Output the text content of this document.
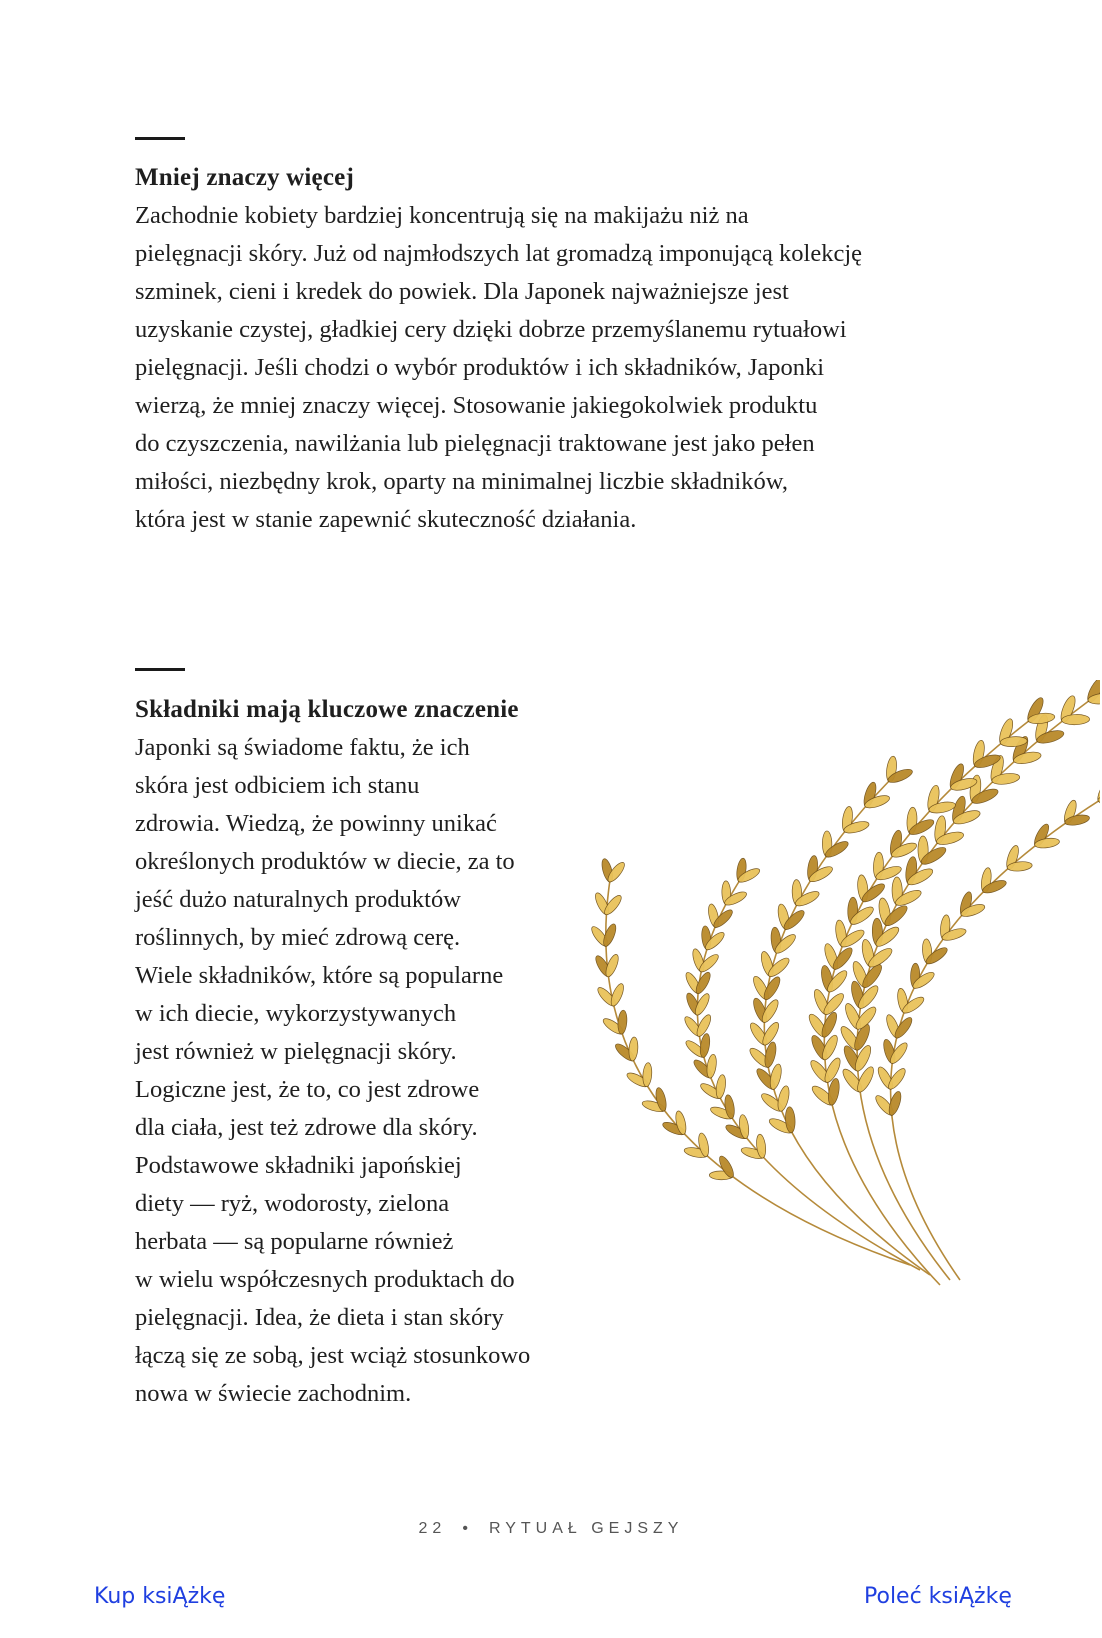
Mniej znaczy więcej
Zachodnie kobiety bardziej koncentrują się na makijażu niż na
pielęgnacji skóry. Już od najmłodszych lat gromadzą imponującą kolekcję
szminek, cieni i kredek do powiek. Dla Japonek najważniejsze jest
uzyskanie czystej, gładkiej cery dzięki dobrze przemyślanemu rytuałowi
pielęgnacji. Jeśli chodzi o wybór produktów i ich składników, Japonki
wierzą, że mniej znaczy więcej. Stosowanie jakiegokolwiek produktu
do czyszczenia, nawilżania lub pielęgnacji traktowane jest jako pełen
miłości, niezbędny krok, oparty na minimalnej liczbie składników,
która jest w stanie zapewnić skuteczność działania.
Składniki mają kluczowe znaczenie
Japonki są świadome faktu, że ich
skóra jest odbiciem ich stanu
zdrowia. Wiedzą, że powinny unikać
określonych produktów w diecie, za to
jeść dużo naturalnych produktów
roślinnych, by mieć zdrową cerę.
Wiele składników, które są popularne
w ich diecie, wykorzystywanych
jest również w pielęgnacji skóry.
Logiczne jest, że to, co jest zdrowe
dla ciała, jest też zdrowe dla skóry.
Podstawowe składniki japońskiej
diety — ryż, wodorosty, zielona
herbata — są popularne również
w wielu współczesnych produktach do
pielęgnacji. Idea, że dieta i stan skóry
łączą się ze sobą, jest wciąż stosunkowo
nowa w świecie zachodnim.
22 • RYTUAŁ GEJSZY
Kup ksiĄżkę	Poleć ksiĄżkę
